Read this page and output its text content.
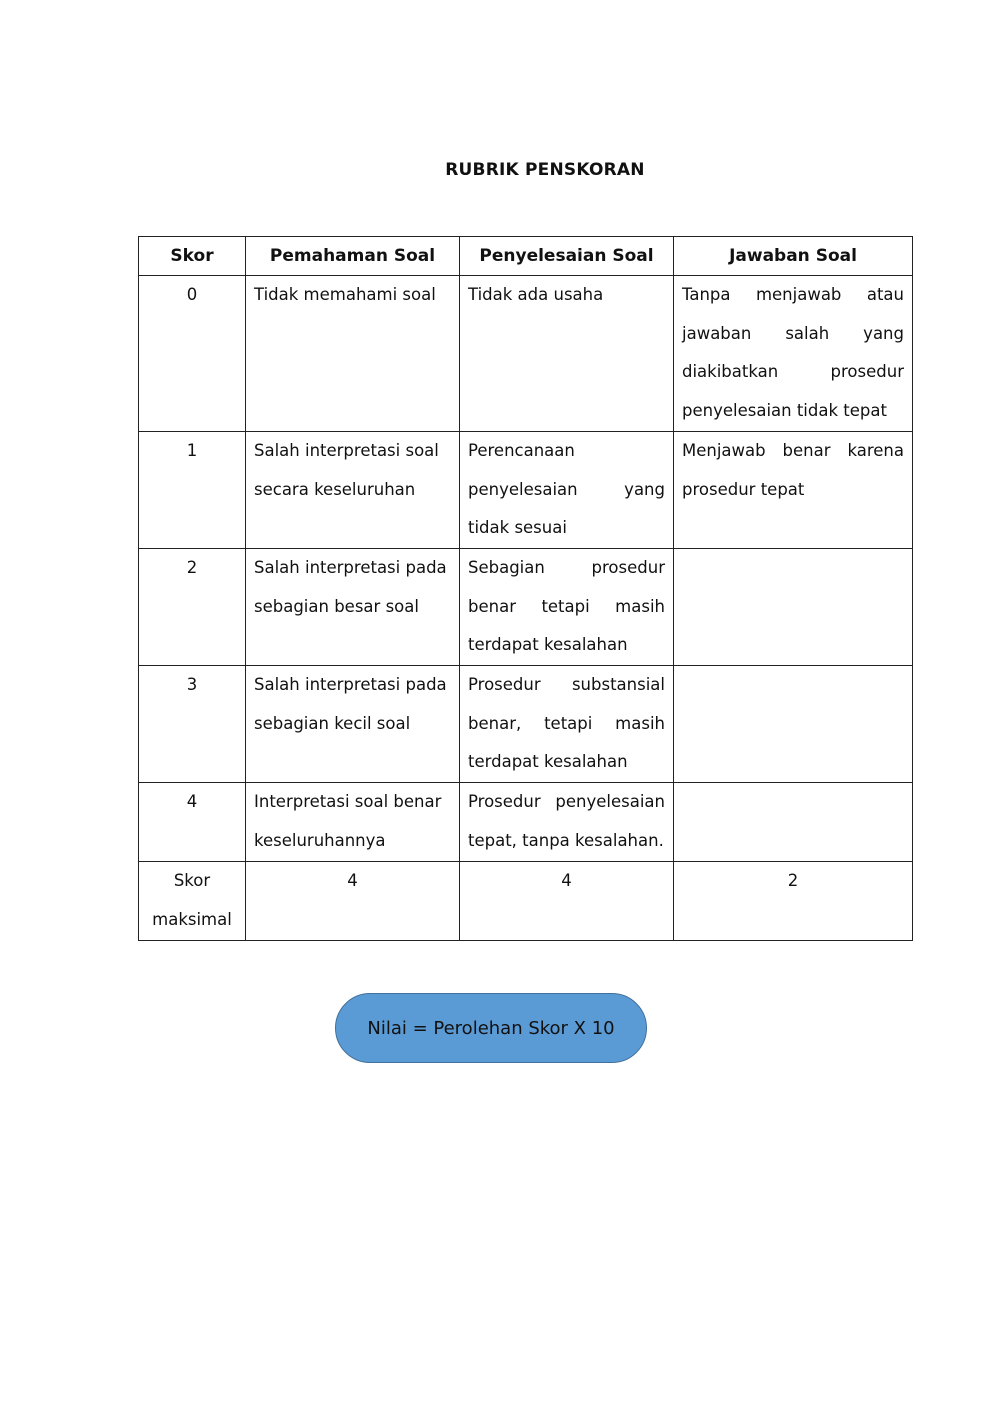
RUBRIK PENSKORAN
Skor	Pemahaman Soal	Penyelesaian Soal	Jawaban Soal
0	Tidak memahami soal	Tidak ada usaha	Tanpa menjawab atau jawaban salah yang diakibatkan prosedur penyelesaian tidak tepat
1	Salah interpretasi soal secara keseluruhan	Perencanaan penyelesaian yang tidak sesuai	Menjawab benar karena prosedur tepat
2	Salah interpretasi pada sebagian besar soal	Sebagian prosedur benar tetapi masih terdapat kesalahan	
3	Salah interpretasi pada sebagian kecil soal	Prosedur substansial benar, tetapi masih terdapat kesalahan	
4	Interpretasi soal benar keseluruhannya	Prosedur penyelesaian tepat, tanpa kesalahan.	
Skor maksimal	4	4	2
Nilai = Perolehan Skor X 10
